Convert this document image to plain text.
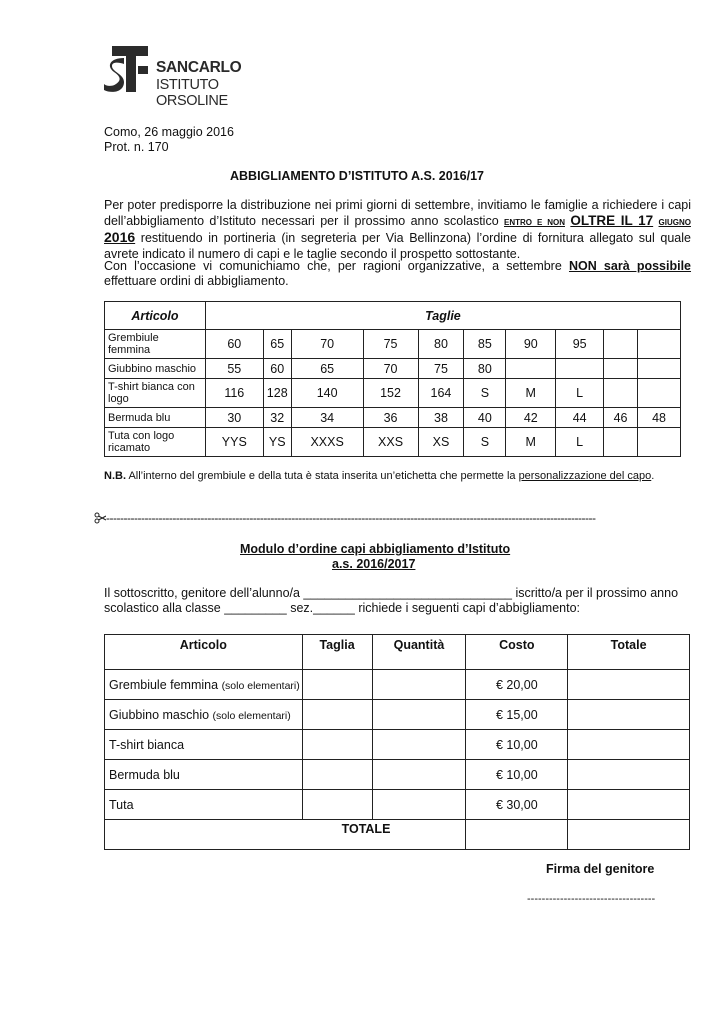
SANCARLO
ISTITUTO ORSOLINE
Como, 26 maggio 2016
Prot. n. 170
ABBIGLIAMENTO D’ISTITUTO A.S. 2016/17
Per poter predisporre la distribuzione nei primi giorni di settembre, invitiamo le famiglie a richiedere i capi dell’abbigliamento d’Istituto necessari per il prossimo anno scolastico entro e non OLTRE IL 17 giugno 2016 restituendo in portineria (in segreteria per Via Bellinzona) l’ordine di fornitura allegato sul quale avrete indicato il numero di capi e le taglie secondo il prospetto sottostante.
Con l’occasione vi comunichiamo che, per ragioni organizzative, a settembre NON sarà possibile effettuare ordini di abbigliamento.
Articolo	Taglie									
Grembiule femmina	60	65	70	75	80	85	90	95		
Giubbino maschio	55	60	65	70	75	80				
T-shirt bianca con logo	116	128	140	152	164	S	M	L		
Bermuda blu	30	32	34	36	38	40	42	44	46	48
Tuta con logo ricamato	YYS	YS	XXXS	XXS	XS	S	M	L		
N.B. All’interno del grembiule e della tuta è stata inserita un’etichetta che permette la personalizzazione del capo.
--------------------------------------------------------------------------------------------------------------------------------------------
Modulo d’ordine capi abbigliamento d’Istituto
a.s. 2016/2017
Il sottoscritto, genitore dell’alunno/a ______________________________ iscritto/a per il prossimo anno
scolastico alla classe _________ sez.______ richiede i seguenti capi d’abbigliamento:
Articolo	Taglia	Quantità	Costo	Totale
Grembiule femmina (solo elementari)			€ 20,00	
Giubbino maschio (solo elementari)			€ 15,00	
T-shirt bianca			€ 10,00	
Bermuda blu			€ 10,00	
Tuta			€ 30,00	
TOTALE				
Firma del genitore
-----------------------------------
